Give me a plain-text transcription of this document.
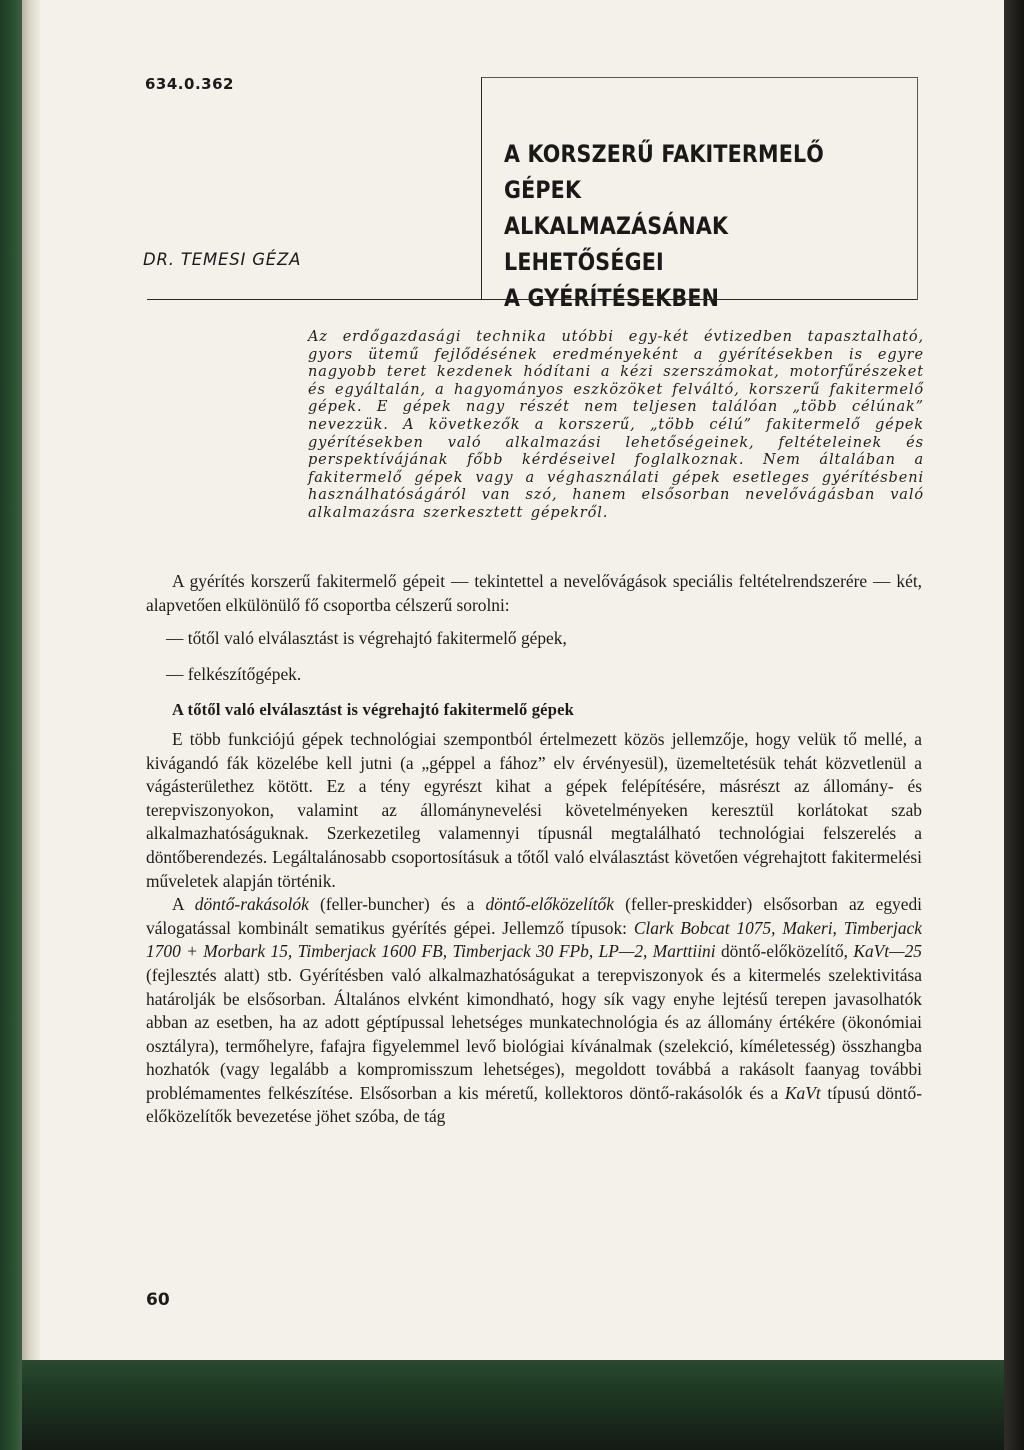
634.0.362
A KORSZERŰ FAKITERMELŐ GÉPEK
ALKALMAZÁSÁNAK LEHETŐSÉGEI
A GYÉRÍTÉSEKBEN
DR. TEMESI GÉZA

Az erdőgazdasági technika utóbbi egy-két évtizedben tapasztalható, gyors ütemű fejlődésének eredményeként a gyérítésekben is egyre nagyobb teret kezdenek hódítani a kézi szerszámokat, motorfűrészeket és egyáltalán, a hagyományos eszközöket felváltó, korszerű fakitermelő gépek. E gépek nagy részét nem teljesen találóan „több célúnak” nevezzük. A következők a korszerű, „több célú” fakitermelő gépek gyérítésekben való alkalmazási lehetőségeinek, feltételeinek és perspektívájának főbb kérdéseivel foglalkoznak. Nem általában a fakitermelő gépek vagy a véghasználati gépek esetleges gyérítésbeni használhatóságáról van szó, hanem elsősorban nevelővágásban való alkalmazásra szerkesztett gépekről.

A gyérítés korszerű fakitermelő gépeit — tekintettel a nevelővágások speciális feltételrendszerére — két, alapvetően elkülönülő fő csoportba célszerű sorolni:

— tőtől való elválasztást is végrehajtó fakitermelő gépek,
— felkészítőgépek.
A tőtől való elválasztást is végrehajtó fakitermelő gépek

E több funkciójú gépek technológiai szempontból értelmezett közös jellemzője, hogy velük tő mellé, a kivágandó fák közelébe kell jutni (a „géppel a fához” elv érvényesül), üzemeltetésük tehát közvetlenül a vágásterülethez kötött. Ez a tény egyrészt kihat a gépek felépítésére, másrészt az állomány- és terepviszonyokon, valamint az állománynevelési követelményeken keresztül korlátokat szab alkalmazhatóságuknak. Szerkezetileg valamennyi típusnál megtalálható technológiai felszerelés a döntőberendezés. Legáltalánosabb csoportosításuk a tőtől való elválasztást követően végrehajtott fakitermelési műveletek alapján történik.

A döntő-rakásolók (feller-buncher) és a döntő-előközelítők (feller-preskidder) elsősorban az egyedi válogatással kombinált sematikus gyérítés gépei. Jellemző típusok: Clark Bobcat 1075, Makeri, Timberjack 1700 + Morbark 15, Timberjack 1600 FB, Timberjack 30 FPb, LP—2, Marttiini döntő-előközelítő, KaVt—25 (fejlesztés alatt) stb. Gyérítésben való alkalmazhatóságukat a terepviszonyok és a kitermelés szelektivitása határolják be elsősorban. Általános elvként kimondható, hogy sík vagy enyhe lejtésű terepen javasolhatók abban az esetben, ha az adott géptípussal lehetséges munkatechnológia és az állomány értékére (ökonómiai osztályra), termőhelyre, fafajra figyelemmel levő biológiai kívánalmak (szelekció, kíméletesség) összhangba hozhatók (vagy legalább a kompromisszum lehetséges), megoldott továbbá a rakásolt faanyag további problémamentes felkészítése. Elsősorban a kis méretű, kollektoros döntő-rakásolók és a KaVt típusú döntő-előközelítők bevezetése jöhet szóba, de tág

60
